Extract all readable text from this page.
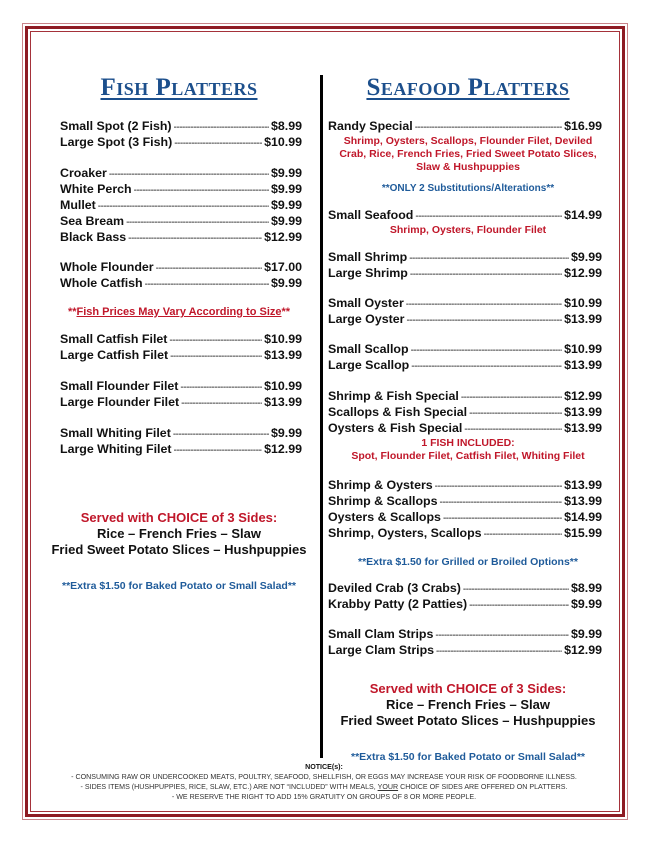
Fish Platters
Small Spot (2 Fish) -----	$8.99
Large Spot (3 Fish) -----	$10.99
Croaker -----	$9.99
White Perch -----	$9.99
Mullet -----	$9.99
Sea Bream -----	$9.99
Black Bass -----	$12.99
Whole Flounder -----	$17.00
Whole Catfish -----	$9.99
**Fish Prices May Vary According to Size**
Small Catfish Filet -----	$10.99
Large Catfish Filet -----	$13.99
Small Flounder Filet -----	$10.99
Large Flounder Filet -----	$13.99
Small Whiting Filet -----	$9.99
Large Whiting Filet -----	$12.99
Served with CHOICE of 3 Sides:
Rice – French Fries – Slaw
Fried Sweet Potato Slices – Hushpuppies
**Extra $1.50 for Baked Potato or Small Salad**
Seafood Platters
Randy Special -----	$16.99
Shrimp, Oysters, Scallops, Flounder Filet, Deviled Crab, Rice, French Fries, Fried Sweet Potato Slices, Slaw & Hushpuppies
**ONLY 2 Substitutions/Alterations**
Small Seafood -----	$14.99
Shrimp, Oysters, Flounder Filet
Small Shrimp -----	$9.99
Large Shrimp -----	$12.99
Small Oyster -----	$10.99
Large Oyster -----	$13.99
Small Scallop -----	$10.99
Large Scallop -----	$13.99
Shrimp & Fish Special -----	$12.99
Scallops & Fish Special -----	$13.99
Oysters & Fish Special -----	$13.99
1 FISH INCLUDED:
Spot, Flounder Filet, Catfish Filet, Whiting Filet
Shrimp & Oysters -----	$13.99
Shrimp & Scallops -----	$13.99
Oysters & Scallops -----	$14.99
Shrimp, Oysters, Scallops -----	$15.99
**Extra $1.50 for Grilled or Broiled Options**
Deviled Crab (3 Crabs) -----	$8.99
Krabby Patty (2 Patties) -----	$9.99
Small Clam Strips -----	$9.99
Large Clam Strips -----	$12.99
Served with CHOICE of 3 Sides:
Rice – French Fries – Slaw
Fried Sweet Potato Slices – Hushpuppies
**Extra $1.50 for Baked Potato or Small Salad**
NOTICE(s):
- CONSUMING RAW OR UNDERCOOKED MEATS, POULTRY, SEAFOOD, SHELLFISH, OR EGGS MAY INCREASE YOUR RISK OF FOODBORNE ILLNESS.
- SIDES ITEMS (HUSHPUPPIES, RICE, SLAW, ETC.) ARE NOT “INCLUDED” WITH MEALS, YOUR CHOICE OF SIDES ARE OFFERED ON PLATTERS.
- WE RESERVE THE RIGHT TO ADD 15% GRATUITY ON GROUPS OF 8 OR MORE PEOPLE.
